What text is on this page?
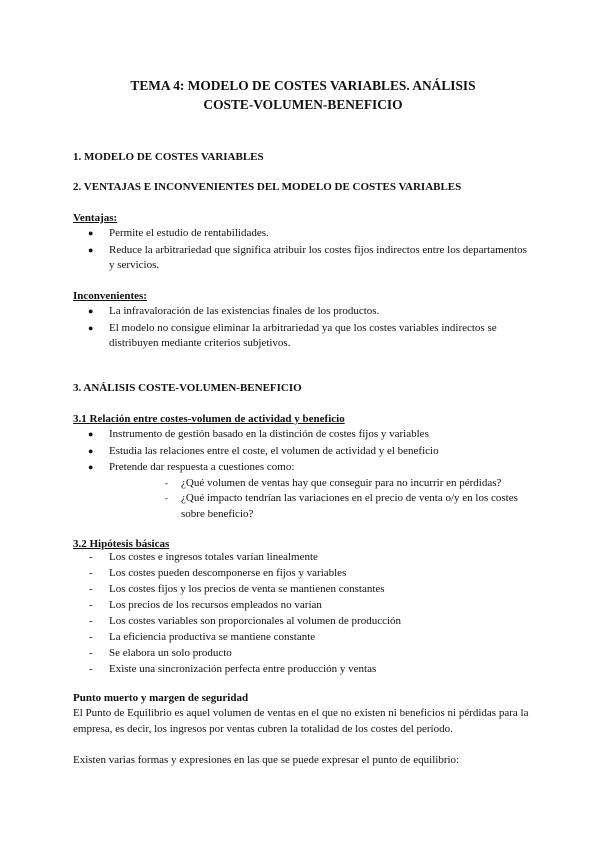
TEMA 4: MODELO DE COSTES VARIABLES. ANÁLISIS
COSTE-VOLUMEN-BENEFICIO
1. MODELO DE COSTES VARIABLES
2. VENTAJAS E INCONVENIENTES DEL MODELO DE COSTES VARIABLES
Ventajas:
● Permite el estudio de rentabilidades.
● Reduce la arbitrariedad que significa atribuir los costes fijos indirectos entre los departamentos y servicios.
Inconvenientes:
● La infravaloración de las existencias finales de los productos.
● El modelo no consigue eliminar la arbitrariedad ya que los costes variables indirectos se distribuyen mediante criterios subjetivos.
3. ANÁLISIS COSTE-VOLUMEN-BENEFICIO
3.1 Relación entre costes-volumen de actividad y beneficio
● Instrumento de gestión basado en la distinción de costes fijos y variables
● Estudia las relaciones entre el coste, el volumen de actividad y el beneficio
● Pretende dar respuesta a cuestiones como:
- ¿Qué volumen de ventas hay que conseguir para no incurrir en pérdidas?
- ¿Qué impacto tendrían las variaciones en el precio de venta o/y en los costes sobre beneficio?
3.2 Hipótesis básicas
- Los costes e ingresos totales varían linealmente
- Los costes pueden descomponerse en fijos y variables
- Los costes fijos y los precios de venta se mantienen constantes
- Los precios de los recursos empleados no varían
- Los costes variables son proporcionales al volumen de producción
- La eficiencia productiva se mantiene constante
- Se elabora un solo producto
- Existe una sincronización perfecta entre producción y ventas
Punto muerto y margen de seguridad

El Punto de Equilibrio es aquel volumen de ventas en el que no existen ni beneficios ni pérdidas para la empresa, es decir, los ingresos por ventas cubren la totalidad de los costes del período.

Existen varias formas y expresiones en las que se puede expresar el punto de equilibrio:
